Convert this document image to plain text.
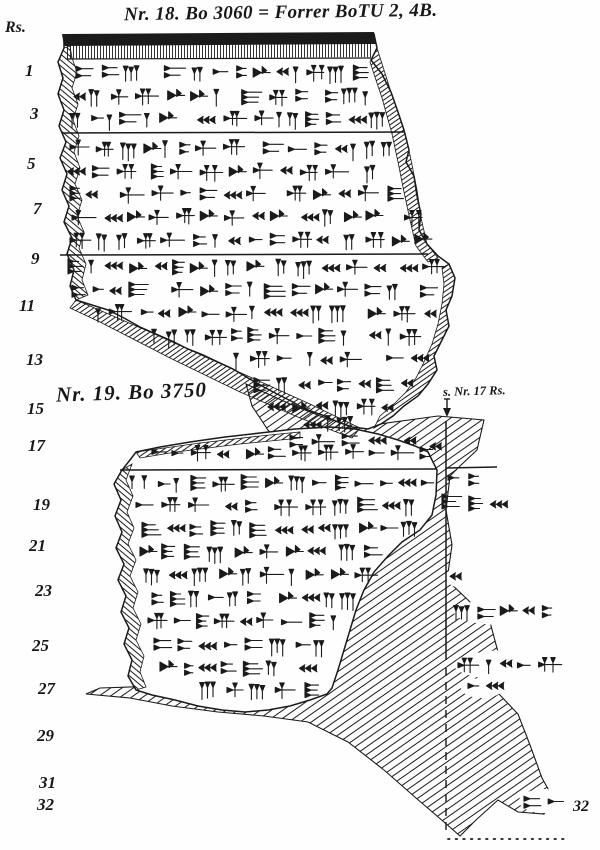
Nr. 18. Bo 3060 = Forrer BoTU 2, 4B.
Rs.
1
3
5
7
9
11
13
15
17
19
21
23
25
27
29
31
32
Nr. 19. Bo 3750	s. Nr. 17 Rs.
32
